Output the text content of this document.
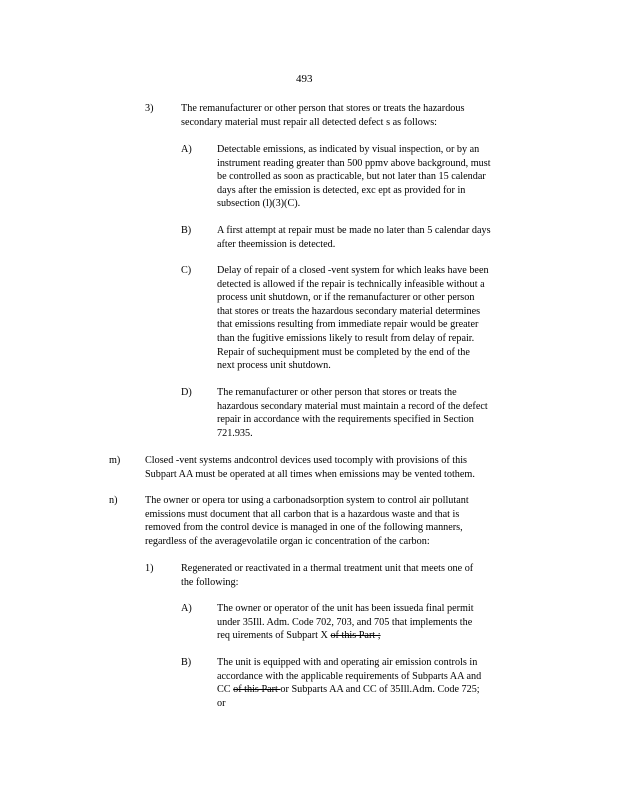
493
3)	The remanufacturer or other person that stores or treats the hazardous
secondary material must repair all detected defect s as follows:
A) Detectable emissions, as indicated by visual inspection, or by an
instrument reading greater than 500 ppmv above background, must
be controlled as soon as practicable, but not later than 15 calendar
days after the emission is detected, exc ept as provided for in
subsection (l)(3)(C).
B)	A first attempt at repair must be made no later than 5 calendar days
after theemission is detected.
C)	Delay of repair of a closed -vent system for which leaks have been
detected is allowed if the repair is technically infeasible without a
process unit shutdown, or if the remanufacturer or other person
that stores or treats the hazardous secondary material determines
that emissions resulting from immediate repair would be greater
than the fugitive emissions likely to result from delay of repair.
Repair of suchequipment must be completed by the end of the
next process unit shutdown.
D) The remanufacturer or other person that stores or treats the
hazardous secondary material must maintain a record of the defect
repair in accordance with the requirements specified in Section
721.935.
m) Closed -vent systems andcontrol devices used tocomply with provisions of this
Subpart AA must be operated at all times when emissions may be vented tothem.
n)	The owner or opera tor using a carbonadsorption system to control air pollutant
emissions must document that all carbon that is a hazardous waste and that is
removed from the control device is managed in one of the following manners,
regardless of the averagevolatile organ ic concentration of the carbon:
1)	Regenerated or reactivated in a thermal treatment unit that meets one of
the following:
A) The owner or operator of the unit has been issueda final permit
under 35Ill. Adm. Code 702, 703, and 705 that implements the
req uirements of Subpart X of this Part ;
B)	The unit is equipped with and operating air emission controls in
accordance with the applicable requirements of Subparts AA and
CC of this Part or Subparts AA and CC of 35Ill.Adm. Code 725;
or
